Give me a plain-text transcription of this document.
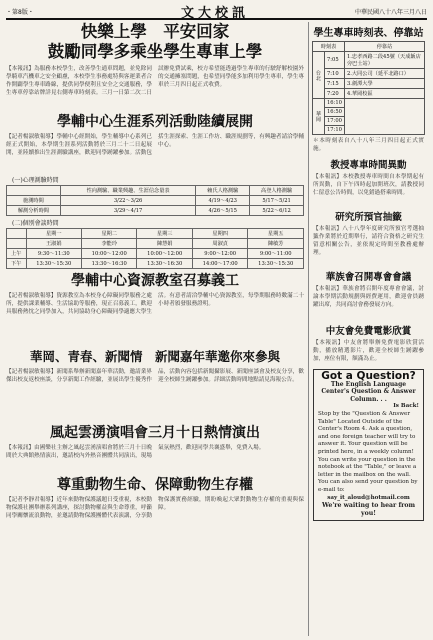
・第8版・	文大校訊	中華民國八十八年三月八日
快樂上學　平安回家
鼓勵同學多乘坐學生專車上學
【本報訊】為服務本校學生，改善學生通車問題，並免除同學騎車汽機車之安全顧慮，本校學生事務處特與客運業者合作開闢學生專車路線，提供同學便利且安全之交通服務，學生專車停靠站牌詳見右側專車時刻表。三月一日第二次二日試辦免費試乘，校方希望能透過學生專車的行駛舒解校園外的交通擁塞問題，也希望同學能多加利用學生專車，學生專車於三月四日起正式收費。
學輔中心生涯系列活動陸續展開
【記者楊淑敏報導】學輔中心經開始，學生輔導中心系列已經正式開始，本學期生涯系列活動將於三月二十二日起展開，並陸續推出生涯測驗講座，歡迎同學踴躍參加。活動包括生涯探索、生涯工作坊、職涯規劃等，有興趣者請洽學輔中心。
(一)心理測驗時間
	性向測驗、職業興趣、生涯信念量表	賴氏人格測驗	高登人格測驗
施測時間	3/22～3/26	4/19～4/23	5/17～5/21
解測分析時間	3/29～4/17	4/26～5/15	5/22～6/12
(二)個別會談時間
	星期一	星期二	星期三	星期四	星期五
	王淑娟	李能玲	陳慧娟	周淑貞	陳敏芳
上午	9:30～11:30	10:00～12:00	10:00～12:00	9:00～12:00	9:00～11:00
下午	13:30～15:30	13:30～16:30	13:30～16:30	14:00～17:00	13:30～15:30
學輔中心資源教室召募義工
【記者楊淑敏報導】資源教室為本校身心障礙同學服務之處所，提供課業輔導、生活協助等服務，現正召募義工，歡迎具服務熱忱之同學加入，共同協助身心障礙同學適應大學生活。有意者請洽學輔中心資源教室，每學期服務時數滿二十小時者頒發服務證明。
華岡、青春、新聞情　新聞嘉年華邀你來參與
【記者楊淑敏報導】新聞系舉辦新聞嘉年華活動，邀請業界傑出校友返校座談，分享新聞工作經驗，並展出學生優秀作品，活動內容包括新聞攝影展、新聞座談會及校友分享，歡迎全校師生踴躍參加。詳細活動時間地點請見海報公告。
風起雲湧演唱會三月十日熱情演出
【本報訊】由國樂社主辦之風起雲湧演唱會將於三月十日晚間於大典館熱情演出，邀請校內外熱音團體共同演出，現場氣氛熱烈，歡迎同學共襄盛舉，免費入場。
尊重動物生命、保障動物生存權
【記者李靜君報導】近年來動物保護議題日受重視，本校動物保護社團舉辦系列講座，探討動物權益與生命尊重，呼籲同學關懷流浪動物，並邀請動物保護團體代表演講，分享動物保護實務經驗，期盼喚起大眾對動物生存權的重視與保障。
學生專車時刻表、停靠站
時刻表		停靠站
台北	7:05	1.忠孝西路二段45號（天成飯店旁巴士站）
	7:10	2.大同公司（延平北路口）
	7:15	3.劍潭大學
	7:20	4.華岡校區
華岡	16:10	
	16:50	
	17:00	
	17:10	
＊本時刻表自八十八年三月四日起正式實施。
教授專車時間異動
【本報訊】本校教授專車時間自本學期起有所異動，自下午四時起加開班次，請教授同仁留意公告時間，以免錯過搭乘時間。
研究所預官抽籤
【本報訊】八十八學年度研究所預官考選抽籤作業將於近期舉行，請符合資格之研究生留意相關公告，並依規定時間至教務處辦理。
華族會召開專會會議
【本報訊】華族會將召開年度專會會議，討論本學期活動規劃與經費運用，歡迎會員踴躍出席，共同商討會務發展方向。
中友會免費電影欣賞
【本報訊】中友會將舉辦免費電影欣賞活動，播放精選影片，歡迎全校師生踴躍參加，座位有限，額滿為止。
Got a Question?
The English Language Center's Question & Answer Column. . .
Is Back!
Stop by the "Question & Answer Table" Located Outside of the Center's Room 4. Ask a question, and one foreign teacher will try to answer it. Your question will be printed here, in a weekly column! You can write your question in the notebook at the "Table," or leave a letter in the mailbox on the wall. You can also send your question by e-mail to:
say_it_aloud@hotmail.com
We're waiting to hear from you!
